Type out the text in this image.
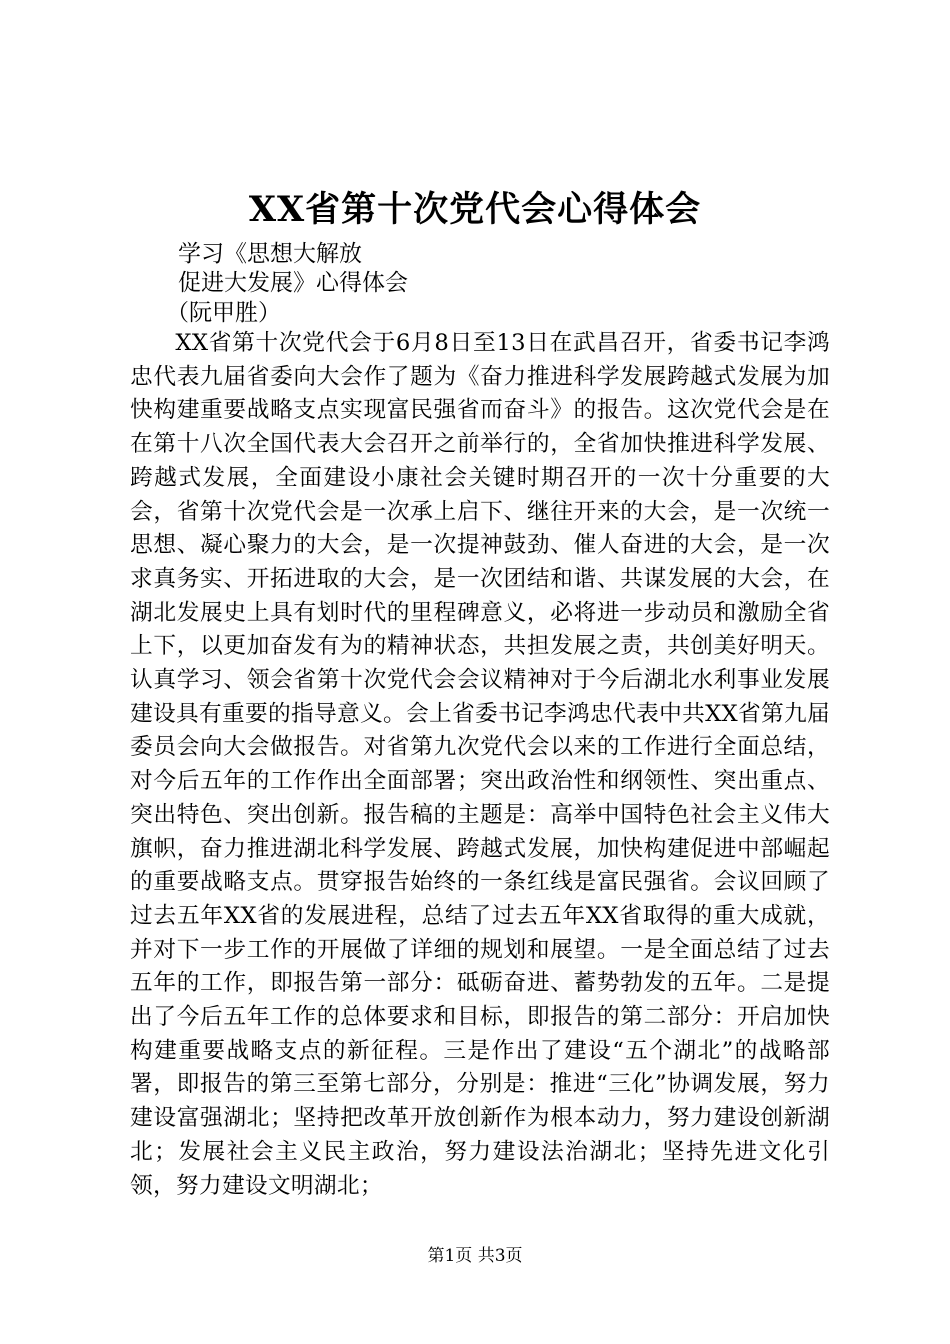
XX省第十次党代会心得体会

学习《思想大解放

促进大发展》心得体会

（阮甲胜）

XX省第十次党代会于6月8日至13日在武昌召开，省委书记李鸿忠代表九届省委向大会作了题为《奋力推进科学发展跨越式发展为加快构建重要战略支点实现富民强省而奋斗》的报告。这次党代会是在在第十八次全国代表大会召开之前举行的，全省加快推进科学发展、跨越式发展，全面建设小康社会关键时期召开的一次十分重要的大会，省第十次党代会是一次承上启下、继往开来的大会，是一次统一思想、凝心聚力的大会，是一次提神鼓劲、催人奋进的大会，是一次求真务实、开拓进取的大会，是一次团结和谐、共谋发展的大会，在湖北发展史上具有划时代的里程碑意义，必将进一步动员和激励全省上下，以更加奋发有为的精神状态，共担发展之责，共创美好明天。认真学习、领会省第十次党代会会议精神对于今后湖北水利事业发展建设具有重要的指导意义。会上省委书记李鸿忠代表中共XX省第九届委员会向大会做报告。对省第九次党代会以来的工作进行全面总结，对今后五年的工作作出全面部署；突出政治性和纲领性、突出重点、突出特色、突出创新。报告稿的主题是：高举中国特色社会主义伟大旗帜，奋力推进湖北科学发展、跨越式发展，加快构建促进中部崛起的重要战略支点。贯穿报告始终的一条红线是富民强省。会议回顾了过去五年XX省的发展进程，总结了过去五年XX省取得的重大成就，并对下一步工作的开展做了详细的规划和展望。一是全面总结了过去五年的工作，即报告第一部分：砥砺奋进、蓄势勃发的五年。二是提出了今后五年工作的总体要求和目标，即报告的第二部分：开启加快构建重要战略支点的新征程。三是作出了建设“五个湖北”的战略部署，即报告的第三至第七部分，分别是：推进“三化”协调发展，努力建设富强湖北；坚持把改革开放创新作为根本动力，努力建设创新湖北；发展社会主义民主政治，努力建设法治湖北；坚持先进文化引领，努力建设文明湖北；

第1页 共3页
